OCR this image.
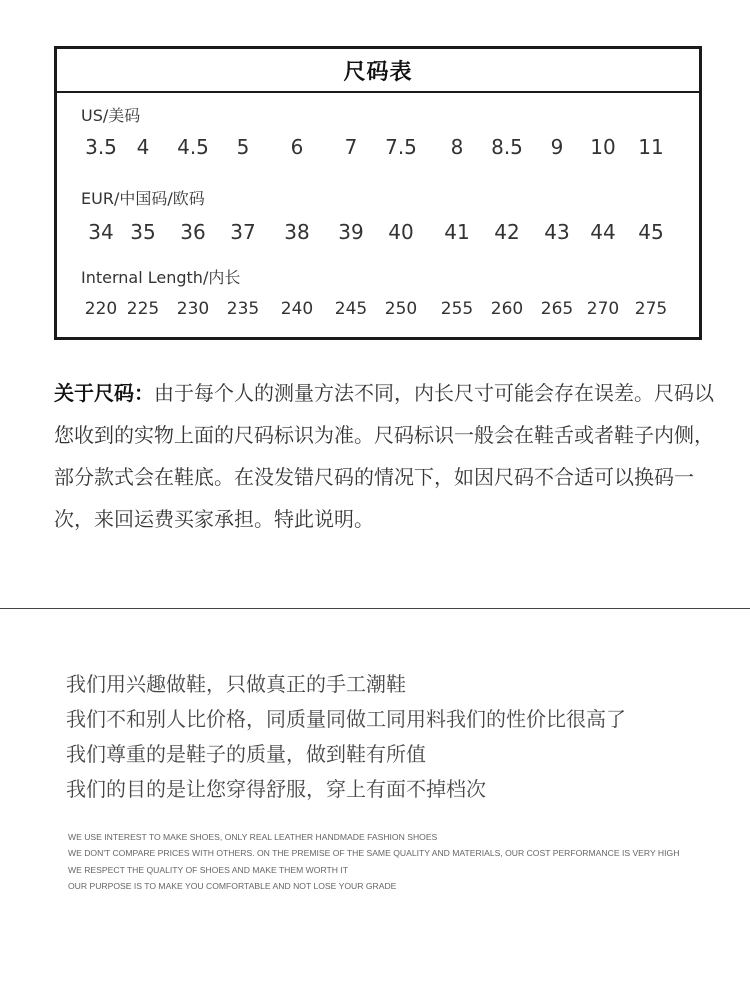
尺码表
US/美码
3.5 4 4.5 5 6 7 7.5 8 8.5 9 10 11
EUR/中国码/欧码
34 35 36 37 38 39 40 41 42 43 44 45
Internal Length/内长
220 225 230 235 240 245 250 255 260 265 270 275
关于尺码：由于每个人的测量方法不同，内长尺寸可能会存在误差。尺码以您收到的实物上面的尺码标识为准。尺码标识一般会在鞋舌或者鞋子内侧，部分款式会在鞋底。在没发错尺码的情况下，如因尺码不合适可以换码一次，来回运费买家承担。特此说明。
我们用兴趣做鞋，只做真正的手工潮鞋
我们不和别人比价格，同质量同做工同用料我们的性价比很高了
我们尊重的是鞋子的质量，做到鞋有所值
我们的目的是让您穿得舒服，穿上有面不掉档次
WE USE INTEREST TO MAKE SHOES, ONLY REAL LEATHER HANDMADE FASHION SHOES
WE DON'T COMPARE PRICES WITH OTHERS. ON THE PREMISE OF THE SAME QUALITY AND MATERIALS, OUR COST PERFORMANCE IS VERY HIGH
WE RESPECT THE QUALITY OF SHOES AND MAKE THEM WORTH IT
OUR PURPOSE IS TO MAKE YOU COMFORTABLE AND NOT LOSE YOUR GRADE
